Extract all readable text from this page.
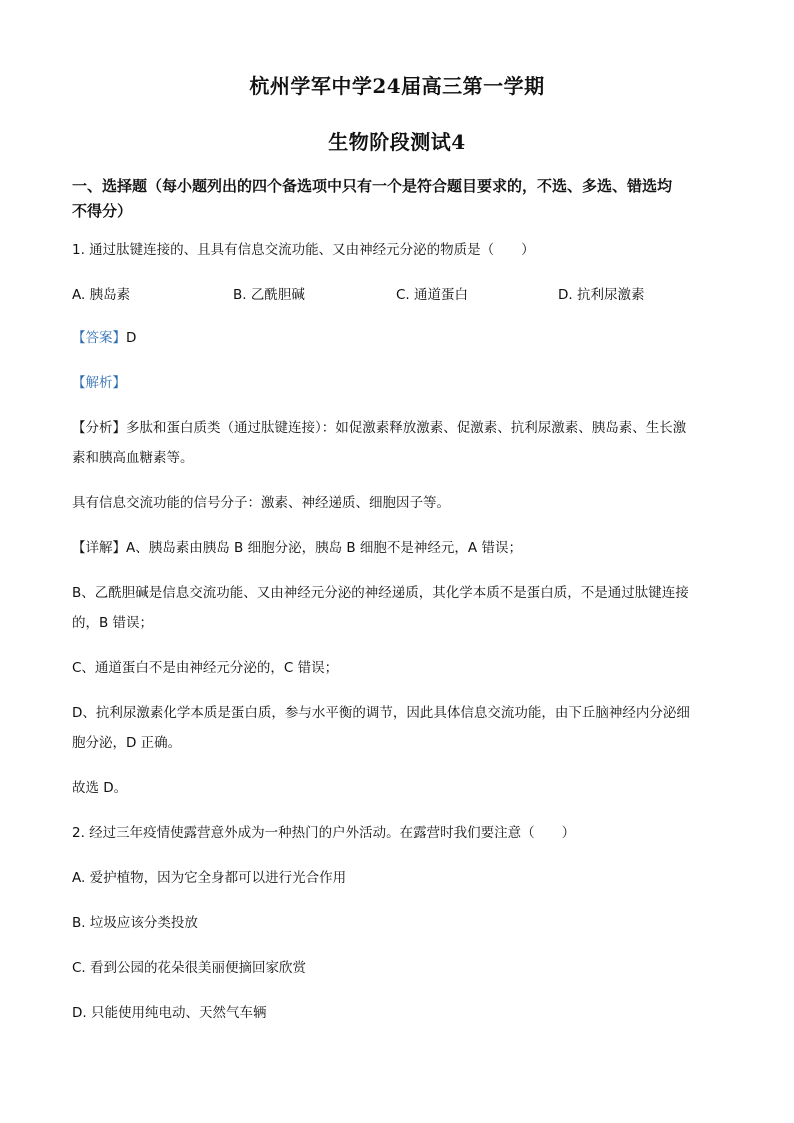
杭州学军中学24届高三第一学期
生物阶段测试4
一、选择题（每小题列出的四个备选项中只有一个是符合题目要求的，不选、多选、错选均
不得分）
1. 通过肽键连接的、且具有信息交流功能、又由神经元分泌的物质是（　　）
A. 胰岛素	B. 乙酰胆碱	C. 通道蛋白	D. 抗利尿激素
【答案】D
【解析】
【分析】多肽和蛋白质类（通过肽键连接）：如促激素释放激素、促激素、抗利尿激素、胰岛素、生长激
素和胰高血糖素等。
具有信息交流功能的信号分子：激素、神经递质、细胞因子等。
【详解】A、胰岛素由胰岛 B 细胞分泌，胰岛 B 细胞不是神经元，A 错误；
B、乙酰胆碱是信息交流功能、又由神经元分泌的神经递质，其化学本质不是蛋白质，不是通过肽键连接
的，B 错误；
C、通道蛋白不是由神经元分泌的，C 错误；
D、抗利尿激素化学本质是蛋白质，参与水平衡的调节，因此具体信息交流功能，由下丘脑神经内分泌细
胞分泌，D 正确。
故选 D。
2. 经过三年疫情使露营意外成为一种热门的户外活动。在露营时我们要注意（　　）
A. 爱护植物，因为它全身都可以进行光合作用
B. 垃圾应该分类投放
C. 看到公园的花朵很美丽便摘回家欣赏
D. 只能使用纯电动、天然气车辆
